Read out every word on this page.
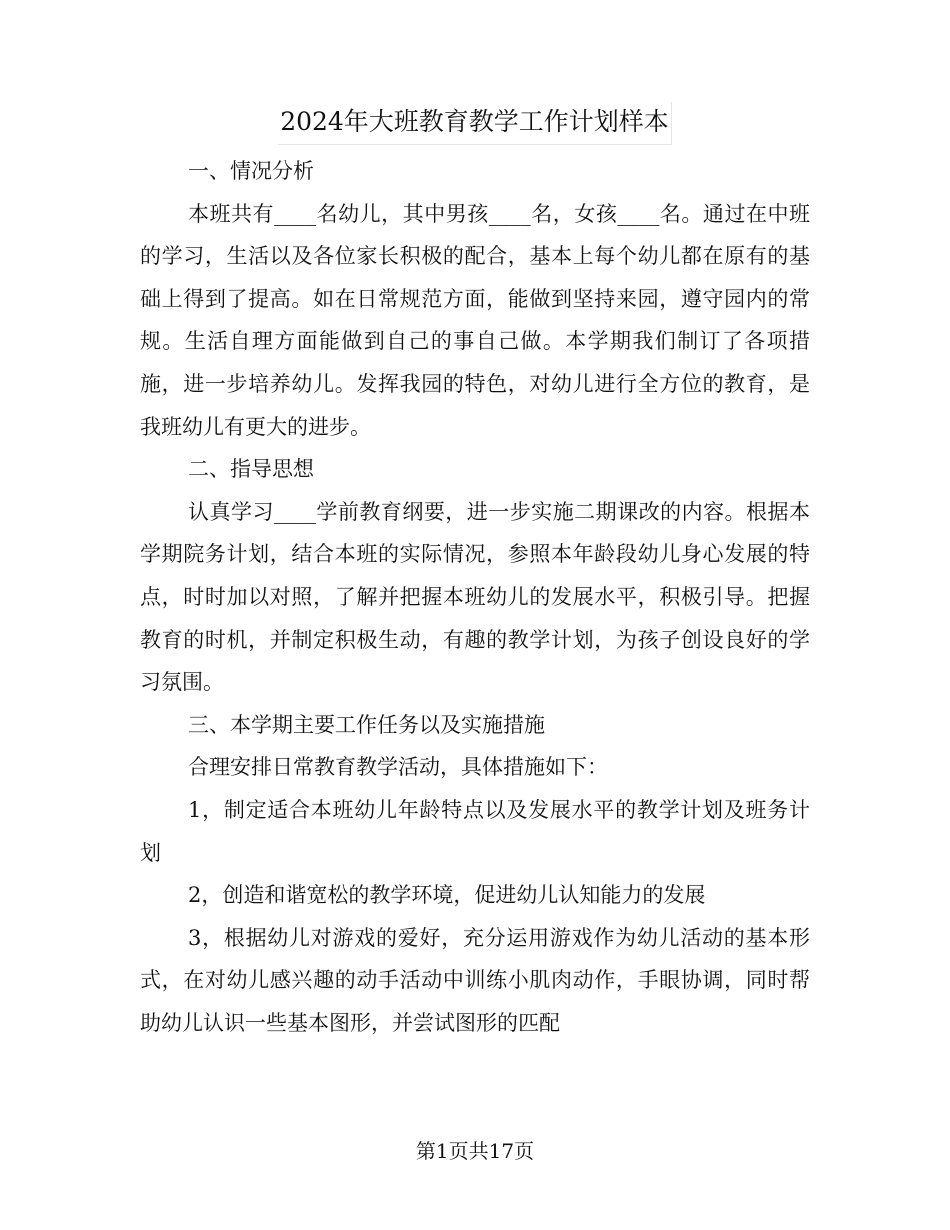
2024年大班教育教学工作计划样本

一、情况分析

本班共有____名幼儿，其中男孩____名，女孩____名。通过在中班的学习，生活以及各位家长积极的配合，基本上每个幼儿都在原有的基础上得到了提高。如在日常规范方面，能做到坚持来园，遵守园内的常规。生活自理方面能做到自己的事自己做。本学期我们制订了各项措施，进一步培养幼儿。发挥我园的特色，对幼儿进行全方位的教育，是我班幼儿有更大的进步。

二、指导思想

认真学习____学前教育纲要，进一步实施二期课改的内容。根据本学期院务计划，结合本班的实际情况，参照本年龄段幼儿身心发展的特点，时时加以对照，了解并把握本班幼儿的发展水平，积极引导。把握教育的时机，并制定积极生动，有趣的教学计划，为孩子创设良好的学习氛围。

三、本学期主要工作任务以及实施措施

合理安排日常教育教学活动，具体措施如下：

1，制定适合本班幼儿年龄特点以及发展水平的教学计划及班务计划

2，创造和谐宽松的教学环境，促进幼儿认知能力的发展

3，根据幼儿对游戏的爱好，充分运用游戏作为幼儿活动的基本形式，在对幼儿感兴趣的动手活动中训练小肌肉动作，手眼协调，同时帮助幼儿认识一些基本图形，并尝试图形的匹配

第1页共17页
